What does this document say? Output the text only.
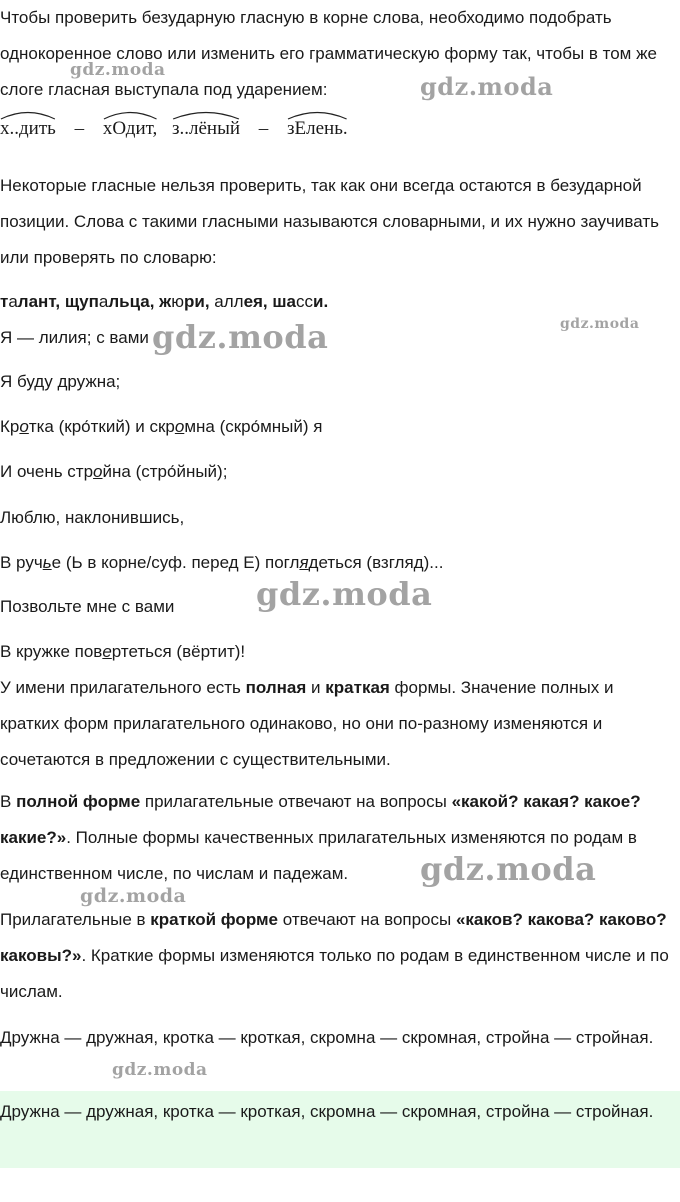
Чтобы проверить безударную гласную в корне слова, необходимо подобрать однокоренное слово или изменить его грамматическую форму так, чтобы в том же слоге гласная выступала под ударением:
х..дить – хОдит, з..лёный – зЕлень.
Некоторые гласные нельзя проверить, так как они всегда остаются в безударной позиции. Слова с такими гласными называются словарными, и их нужно заучивать или проверять по словарю:
талант, щупальца, жюри, аллея, шасси.
Я — лилия; с вами
Я буду дружна;
Кротка (кро́ткий) и скромна (скро́мный) я
И очень стройна (стро́йный);
Люблю, наклонившись,
В ручье (Ь в корне/суф. перед Е) поглядеться (взгляд)...
Позвольте мне с вами
В кружке повертеться (вёртит)!
У имени прилагательного есть полная и краткая формы. Значение полных и кратких форм прилагательного одинаково, но они по-разному изменяются и сочетаются в предложении с существительными.
В полной форме прилагательные отвечают на вопросы «какой? какая? какое? какие?». Полные формы качественных прилагательных изменяются по родам в единственном числе, по числам и падежам.
Прилагательные в краткой форме отвечают на вопросы «каков? какова? каково? каковы?». Краткие формы изменяются только по родам в единственном числе и по числам.
Дружна — дружная, кротка — кроткая, скромна — скромная, стройна — стройная.
Дружна — дружная, кротка — кроткая, скромна — скромная, стройна — стройная.
gdz.moda
gdz.moda
gdz.moda	gdz.moda
gdz.moda
gdz.moda
gdz.moda
gdz.moda
